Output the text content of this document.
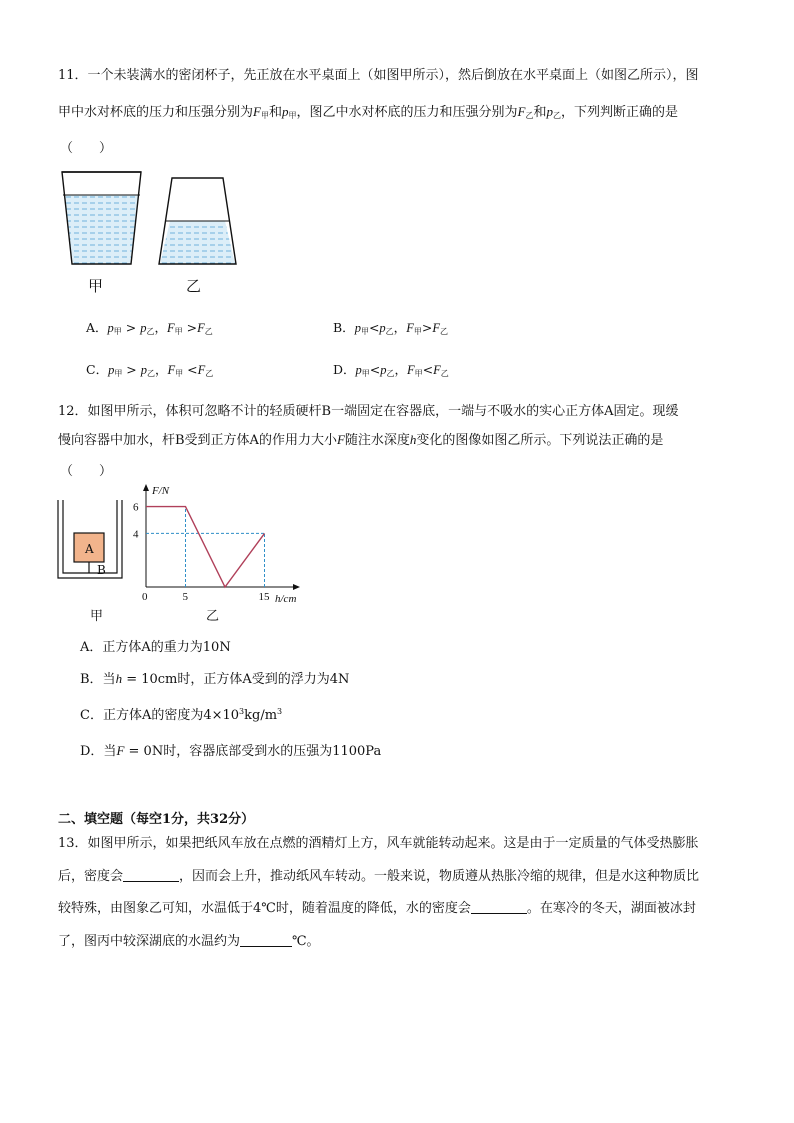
11．一个未装满水的密闭杯子，先正放在水平桌面上（如图甲所示），然后倒放在水平桌面上（如图乙所示），图
甲中水对杯底的压力和压强分别为$F_甲$和$p_甲$，图乙中水对杯底的压力和压强分别为$F_乙$和$p_乙$，下列判断正确的是
（　　）
甲	乙
A．$p_甲 > p_乙$，$F_甲 >F_乙$	B．$p_甲<p_乙$，$F_甲>F_乙$
C．$p_甲 > p_乙$，$F_甲 <F_乙$	D．$p_甲<p_乙$，$F_甲<F_乙$
12．如图甲所示，体积可忽略不计的轻质硬杆B一端固定在容器底，一端与不吸水的实心正方体A固定。现缓
慢向容器中加水，杆B受到正方体A的作用力大小F随注水深度h变化的图像如图乙所示。下列说法正确的是
（　　）
A
B
甲
4
6
0	5	15
F/N
h/cm
乙
A．正方体A的重力为10N
B．当h = 10cm时，正方体A受到的浮力为4N
C．正方体A的密度为$4\times 10^3kg/m^3$
D．当F = 0N时，容器底部受到水的压强为1100Pa
二、填空题（每空1分，共32分）
13．如图甲所示，如果把纸风车放在点燃的酒精灯上方，风车就能转动起来。这是由于一定质量的气体受热膨胀
后，密度会	，因而会上升，推动纸风车转动。一般来说，物质遵从热胀冷缩的规律，但是水这种物质比
较特殊，由图象乙可知，水温低于4℃时，随着温度的降低，水的密度会	。在寒冷的冬天，湖面被冰封
了，图丙中较深湖底的水温约为	℃。
